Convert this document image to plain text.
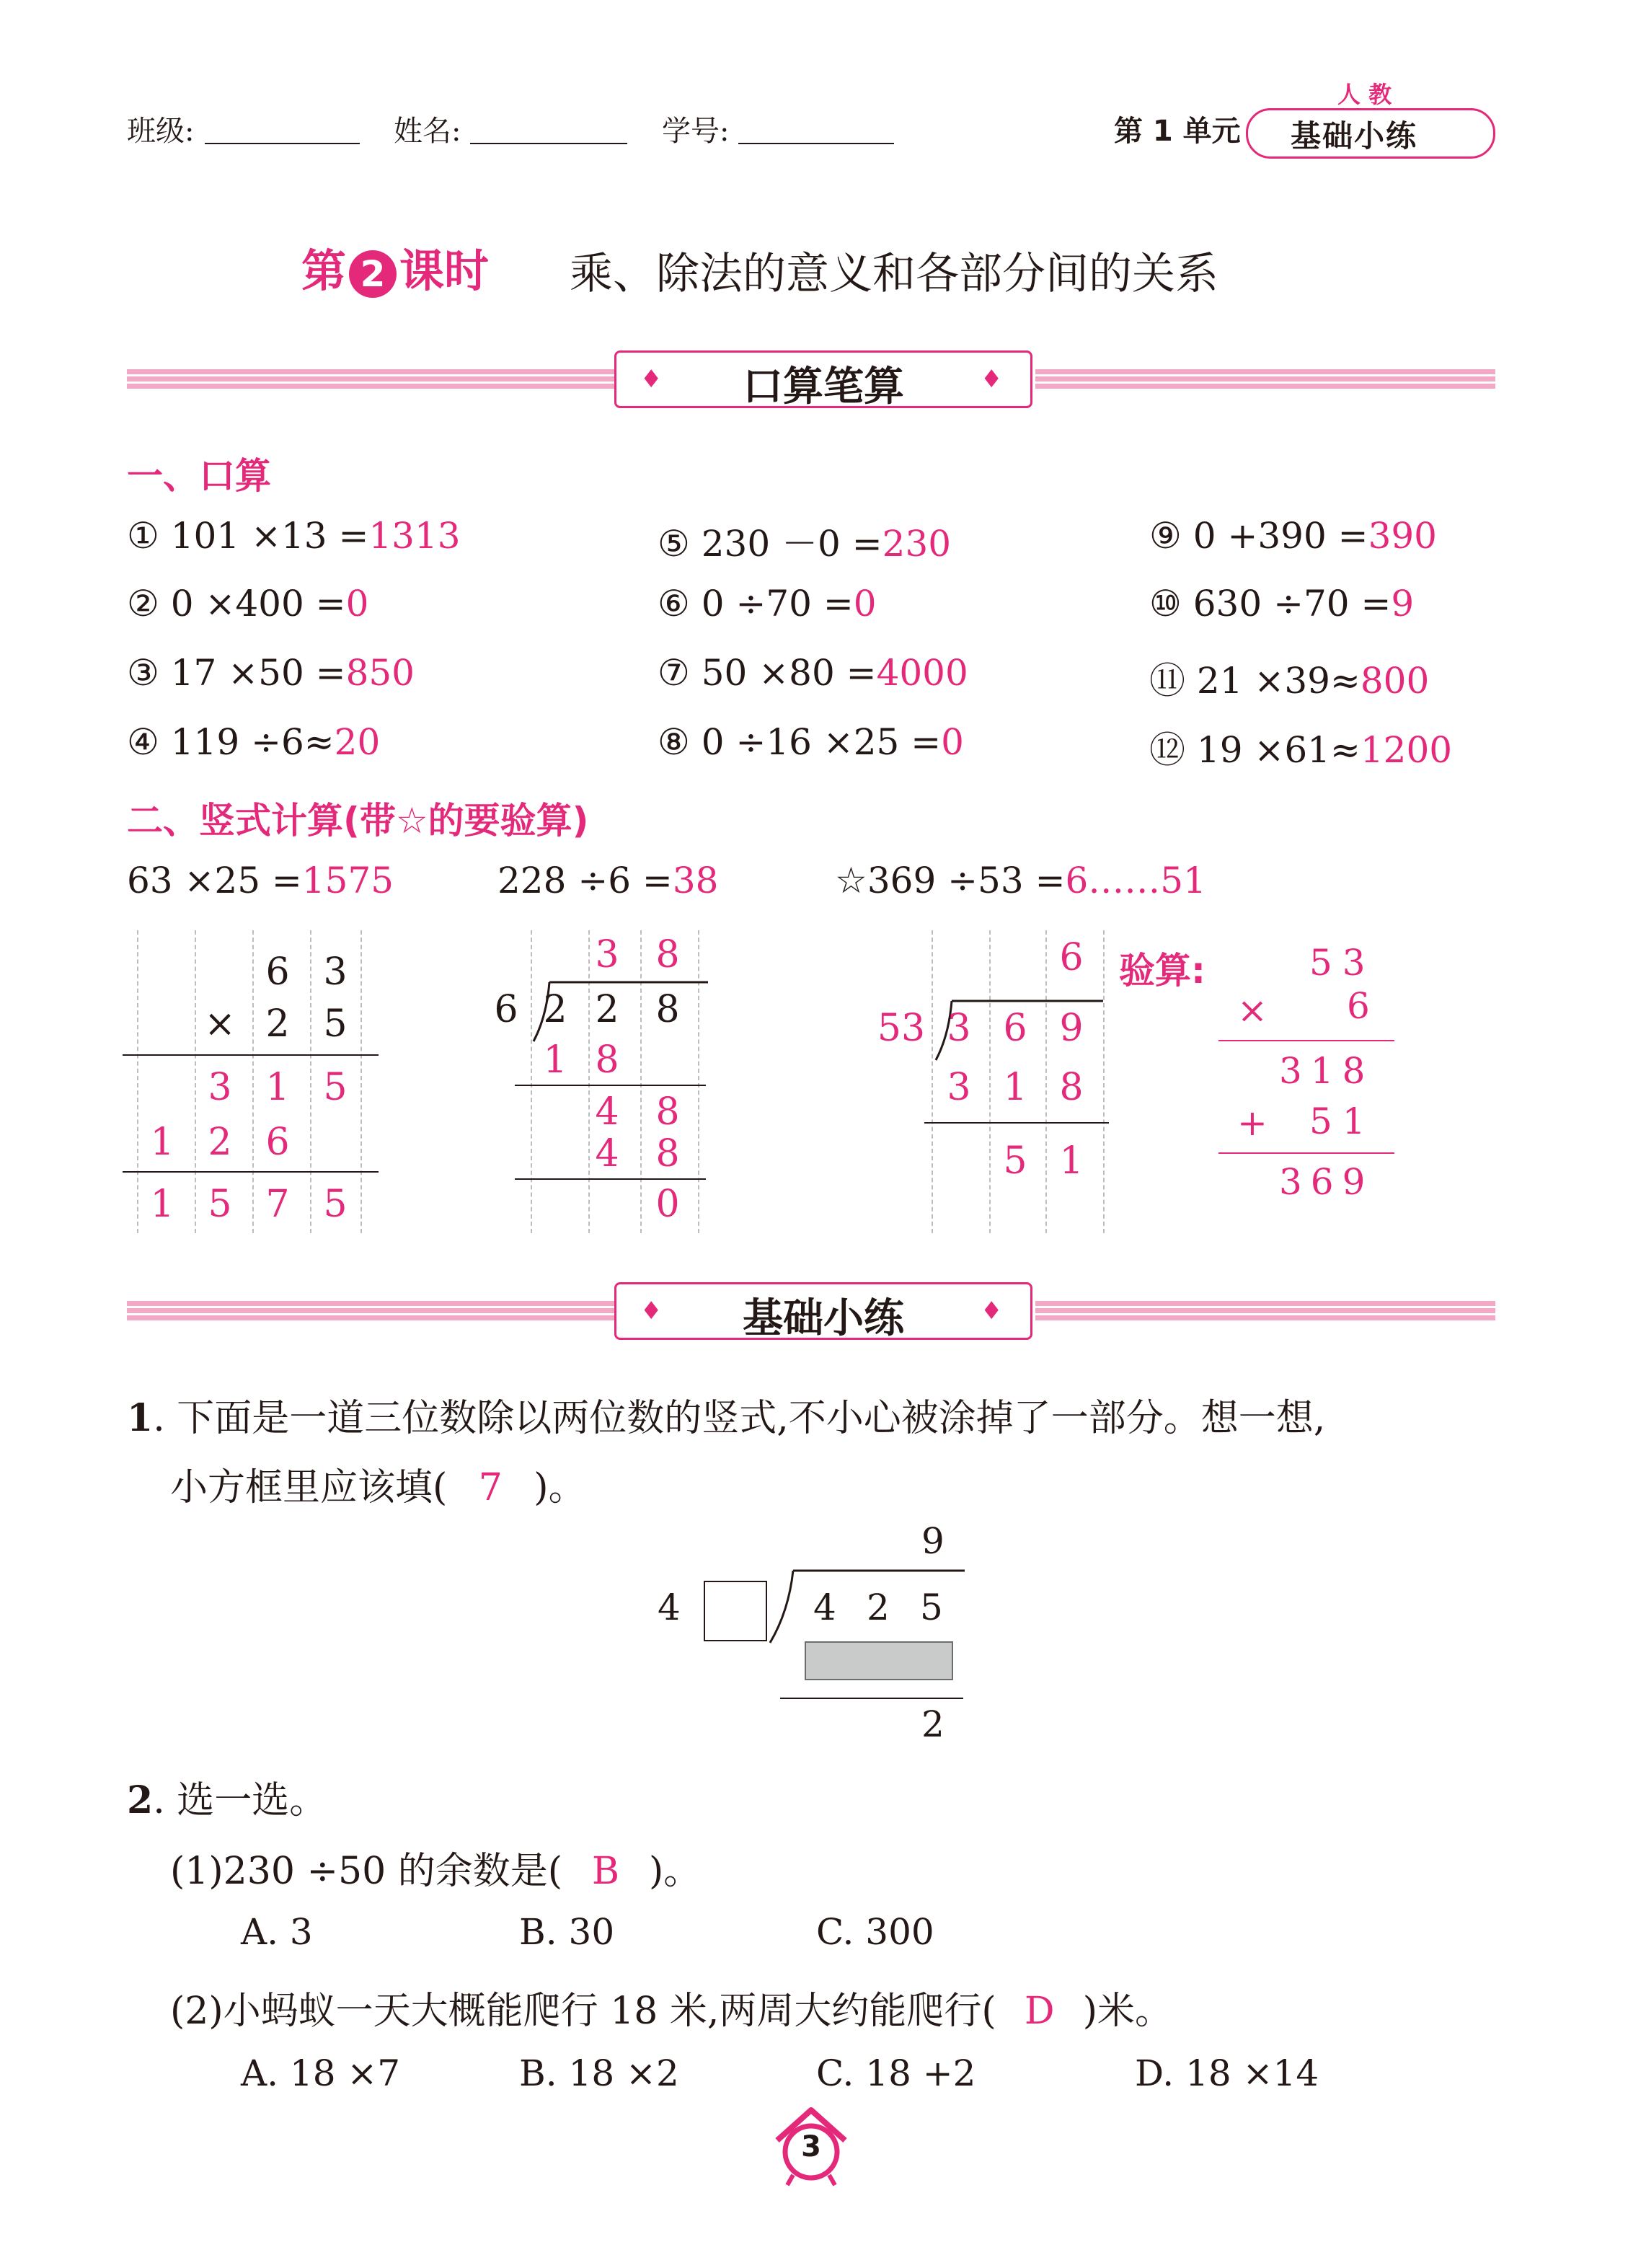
班级:	姓名:	学号:	第 1 单元
人 教
基础小练
第 2 课时 乘、除法的意义和各部分间的关系
口算笔算
♦	♦
一、口算
① 101 ×13 =1313
② 0 ×400 =0
③ 17 ×50 =850
④ 119 ÷6≈20
⑤ 230 －0 =230
⑥ 0 ÷70 =0
⑦ 50 ×80 =4000
⑧ 0 ÷16 ×25 =0
⑨ 0 +390 =390
⑩ 630 ÷70 =9
⑪ 21 ×39≈800
⑫ 19 ×61≈1200
二、竖式计算(带☆的要验算)
63 ×25 =1575	228 ÷6 =38	☆369 ÷53 =6……51
6 3
× 2 5
3 1 5
1 2 6
1 5 7 5
3 8
6 2 2 8
1 8
4 8
4 8
0
6
53 3 6 9
3 1 8
5 1
验算:	53
× 6
318
+ 51
369
基础小练
♦	♦
1. 下面是一道三位数除以两位数的竖式,不小心被涂掉了一部分。想一想,
小方框里应该填( 7 )。
9
4	4 2 5
2
2. 选一选。
(1)230 ÷50 的余数是( B )。
A. 3	B. 30	C. 300
(2)小蚂蚁一天大概能爬行 18 米,两周大约能爬行( D )米。
A. 18 ×7	B. 18 ×2	C. 18 +2	D. 18 ×14
3
